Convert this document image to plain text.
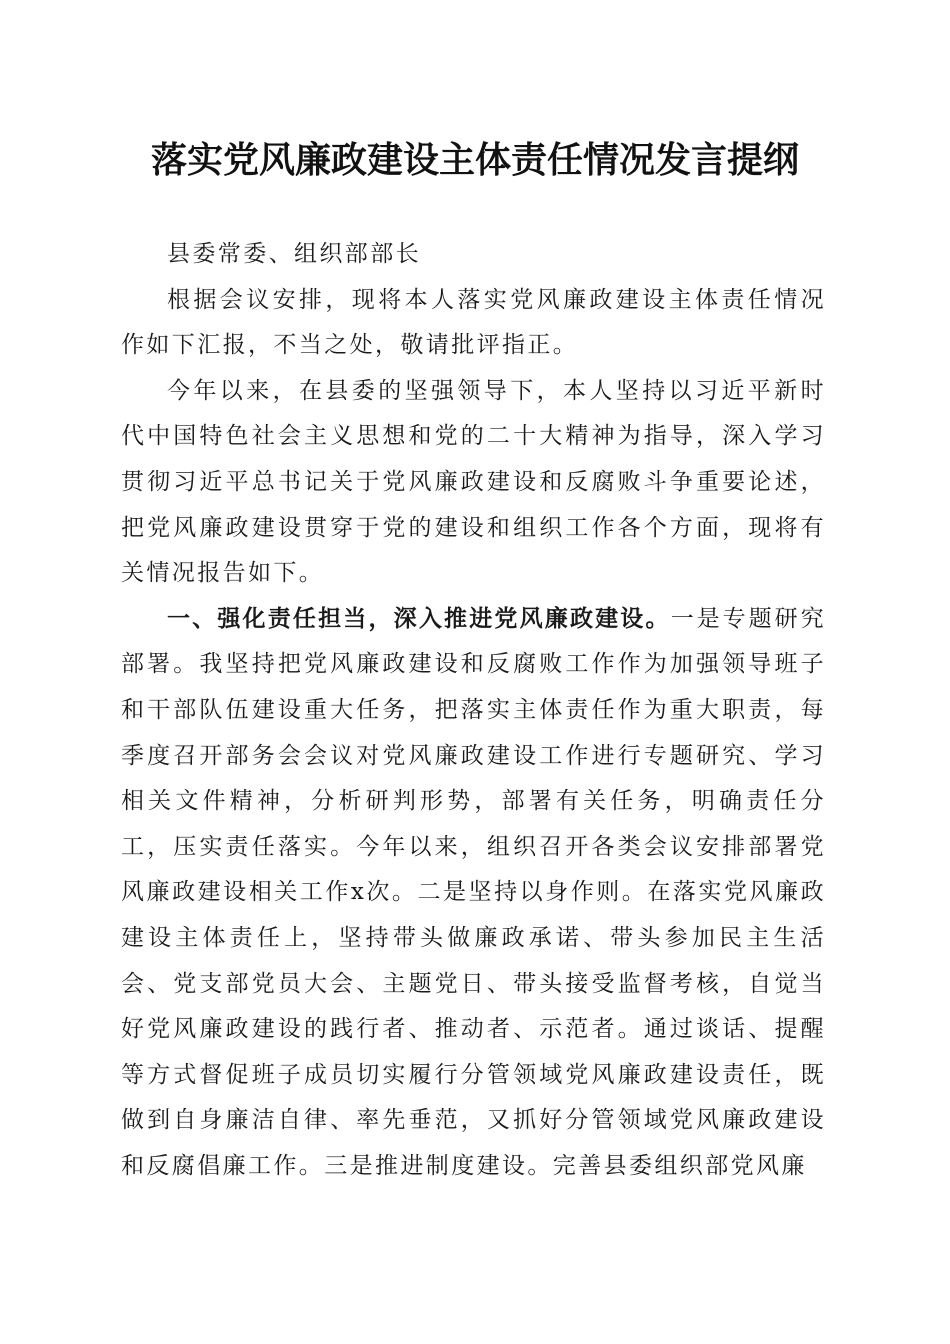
落实党风廉政建设主体责任情况发言提纲

县委常委、组织部部长

根据会议安排，现将本人落实党风廉政建设主体责任情况作如下汇报，不当之处，敬请批评指正。

今年以来，在县委的坚强领导下，本人坚持以习近平新时代中国特色社会主义思想和党的二十大精神为指导，深入学习贯彻习近平总书记关于党风廉政建设和反腐败斗争重要论述，把党风廉政建设贯穿于党的建设和组织工作各个方面，现将有关情况报告如下。

一、强化责任担当，深入推进党风廉政建设。一是专题研究部署。我坚持把党风廉政建设和反腐败工作作为加强领导班子和干部队伍建设重大任务，把落实主体责任作为重大职责，每季度召开部务会会议对党风廉政建设工作进行专题研究、学习相关文件精神，分析研判形势，部署有关任务，明确责任分工，压实责任落实。今年以来，组织召开各类会议安排部署党风廉政建设相关工作x次。二是坚持以身作则。在落实党风廉政建设主体责任上，坚持带头做廉政承诺、带头参加民主生活会、党支部党员大会、主题党日、带头接受监督考核，自觉当好党风廉政建设的践行者、推动者、示范者。通过谈话、提醒等方式督促班子成员切实履行分管领域党风廉政建设责任，既做到自身廉洁自律、率先垂范，又抓好分管领域党风廉政建设和反腐倡廉工作。三是推进制度建设。完善县委组织部党风廉
